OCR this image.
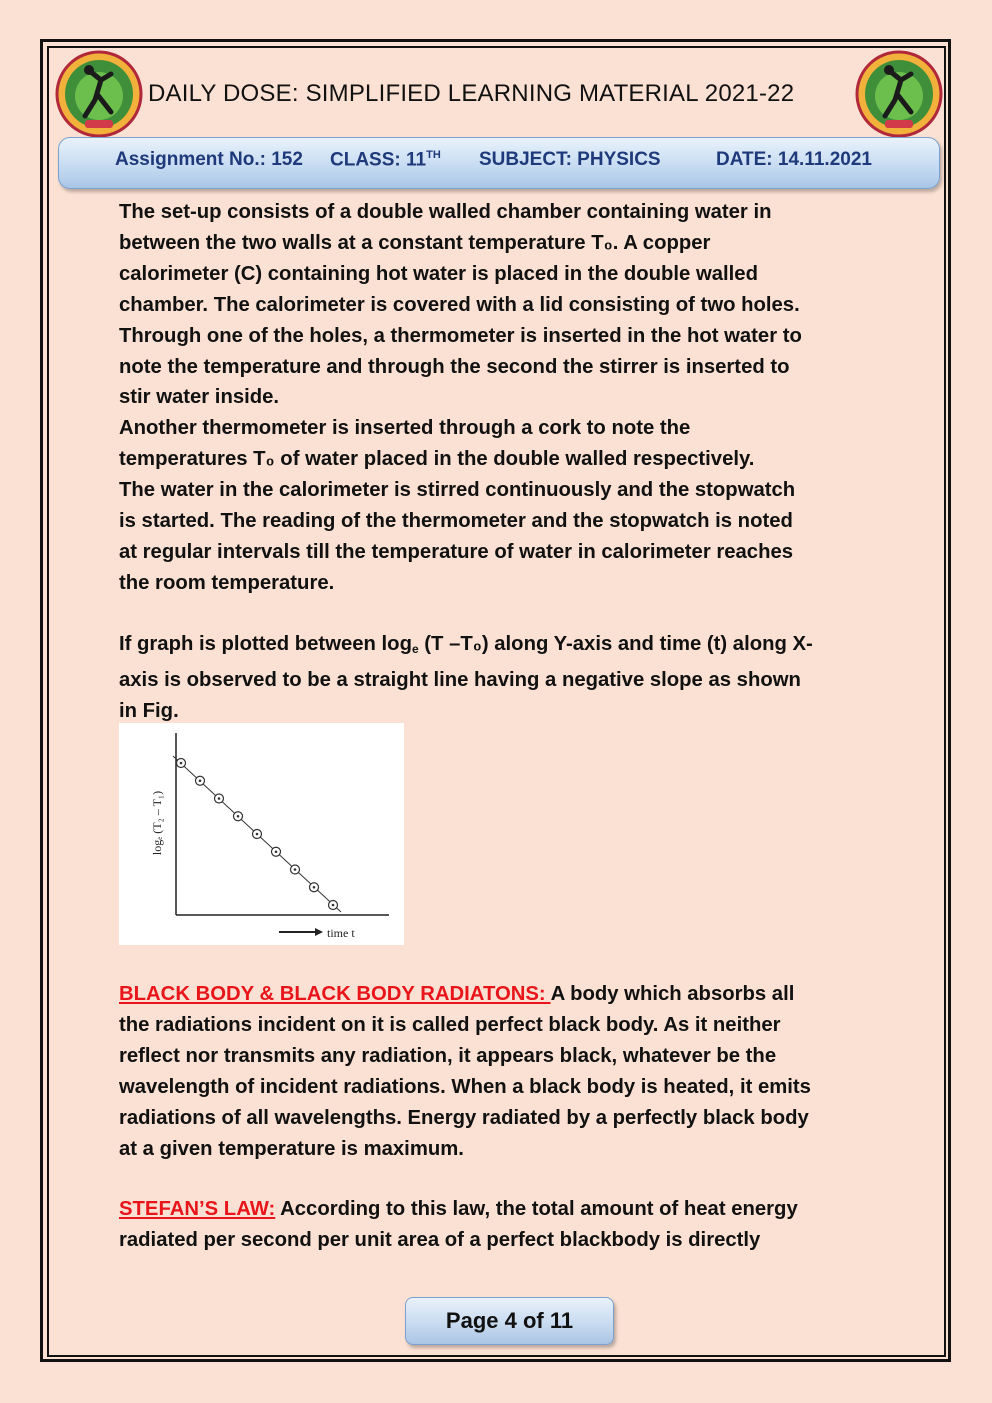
DAILY DOSE: SIMPLIFIED LEARNING MATERIAL 2021-22
Assignment No.: 152 CLASS: 11TH SUBJECT: PHYSICS	DATE: 14.11.2021
The set-up consists of a double walled chamber containing water in
between the two walls at a constant temperature T₀. A copper
calorimeter (C) containing hot water is placed in the double walled
chamber. The calorimeter is covered with a lid consisting of two holes.
Through one of the holes, a thermometer is inserted in the hot water to
note the temperature and through the second the stirrer is inserted to
stir water inside.
Another thermometer is inserted through a cork to note the
temperatures T₀ of water placed in the double walled respectively.
The water in the calorimeter is stirred continuously and the stopwatch
is started. The reading of the thermometer and the stopwatch is noted
at regular intervals till the temperature of water in calorimeter reaches
the room temperature.
If graph is plotted between $\log_e (T$ –T₀) along Y-axis and time (t) along X-
axis is observed to be a straight line having a negative slope as shown
in Fig.
time t
logₑ (T₂ – T₁)
BLACK BODY & BLACK BODY RADIATONS: A body which absorbs all
the radiations incident on it is called perfect black body. As it neither
reflect nor transmits any radiation, it appears black, whatever be the
wavelength of incident radiations. When a black body is heated, it emits
radiations of all wavelengths. Energy radiated by a perfectly black body
at a given temperature is maximum.
STEFAN’S LAW: According to this law, the total amount of heat energy
radiated per second per unit area of a perfect blackbody is directly
Page 4 of 11
